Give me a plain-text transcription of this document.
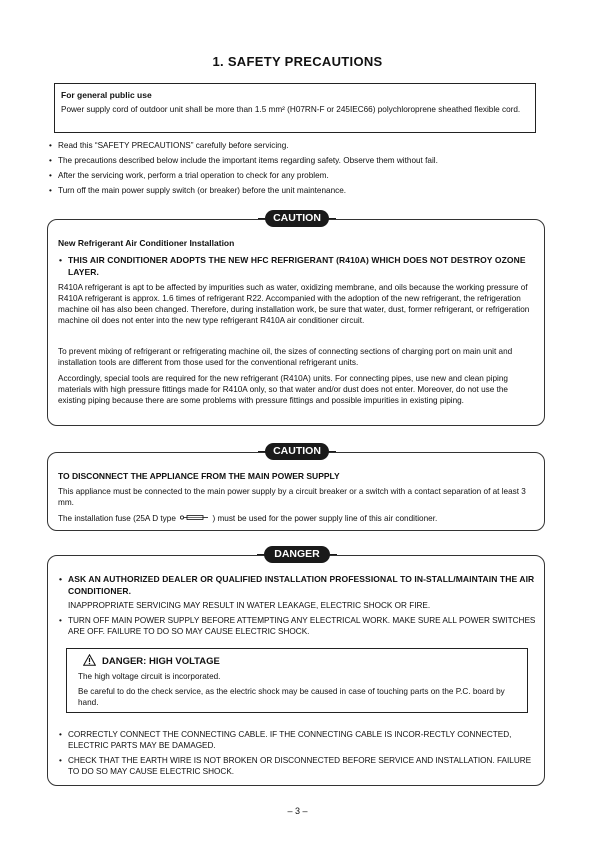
1. SAFETY PRECAUTIONS
For general public use
Power supply cord of outdoor unit shall be more than 1.5 mm² (H07RN-F or 245IEC66) polychloroprene sheathed flexible cord.
• Read this “SAFETY PRECAUTIONS” carefully before servicing.
• The precautions described below include the important items regarding safety. Observe them without fail.
• After the servicing work, perform a trial operation to check for any problem.
• Turn off the main power supply switch (or breaker) before the unit maintenance.
New Refrigerant Air Conditioner Installation
• THIS AIR CONDITIONER ADOPTS THE NEW HFC REFRIGERANT (R410A) WHICH DOES NOT DESTROY OZONE LAYER.
R410A refrigerant is apt to be affected by impurities such as water, oxidizing membrane, and oils because the working pressure of R410A refrigerant is approx. 1.6 times of refrigerant R22. Accompanied with the adoption of the new refrigerant, the refrigeration machine oil has also been changed. Therefore, during installation work, be sure that water, dust, former refrigerant, or refrigeration machine oil does not enter into the new type refrigerant R410A air conditioner circuit.
To prevent mixing of refrigerant or refrigerating machine oil, the sizes of connecting sections of charging port on main unit and installation tools are different from those used for the conventional refrigerant units.
Accordingly, special tools are required for the new refrigerant (R410A) units. For connecting pipes, use new and clean piping materials with high pressure fittings made for R410A only, so that water and/or dust does not enter. Moreover, do not use the existing piping because there are some problems with pressure fittings and possible impurities in existing piping.
CAUTION
TO DISCONNECT THE APPLIANCE FROM THE MAIN POWER SUPPLY
This appliance must be connected to the main power supply by a circuit breaker or a switch with a contact separation of at least 3 mm.
The installation fuse (25A D type	) must be used for the power supply line of this air conditioner.
CAUTION
• ASK AN AUTHORIZED DEALER OR QUALIFIED INSTALLATION PROFESSIONAL TO IN-STALL/MAINTAIN THE AIR CONDITIONER.
INAPPROPRIATE SERVICING MAY RESULT IN WATER LEAKAGE, ELECTRIC SHOCK OR FIRE.
• TURN OFF MAIN POWER SUPPLY BEFORE ATTEMPTING ANY ELECTRICAL WORK. MAKE SURE ALL POWER SWITCHES ARE OFF. FAILURE TO DO SO MAY CAUSE ELECTRIC SHOCK.
• CORRECTLY CONNECT THE CONNECTING CABLE. IF THE CONNECTING CABLE IS INCOR-RECTLY CONNECTED, ELECTRIC PARTS MAY BE DAMAGED.
• CHECK THAT THE EARTH WIRE IS NOT BROKEN OR DISCONNECTED BEFORE SERVICE AND INSTALLATION. FAILURE TO DO SO MAY CAUSE ELECTRIC SHOCK.
DANGER
DANGER: HIGH VOLTAGE
The high voltage circuit is incorporated.
Be careful to do the check service, as the electric shock may be caused in case of touching parts on the P.C. board by hand.
– 3 –
